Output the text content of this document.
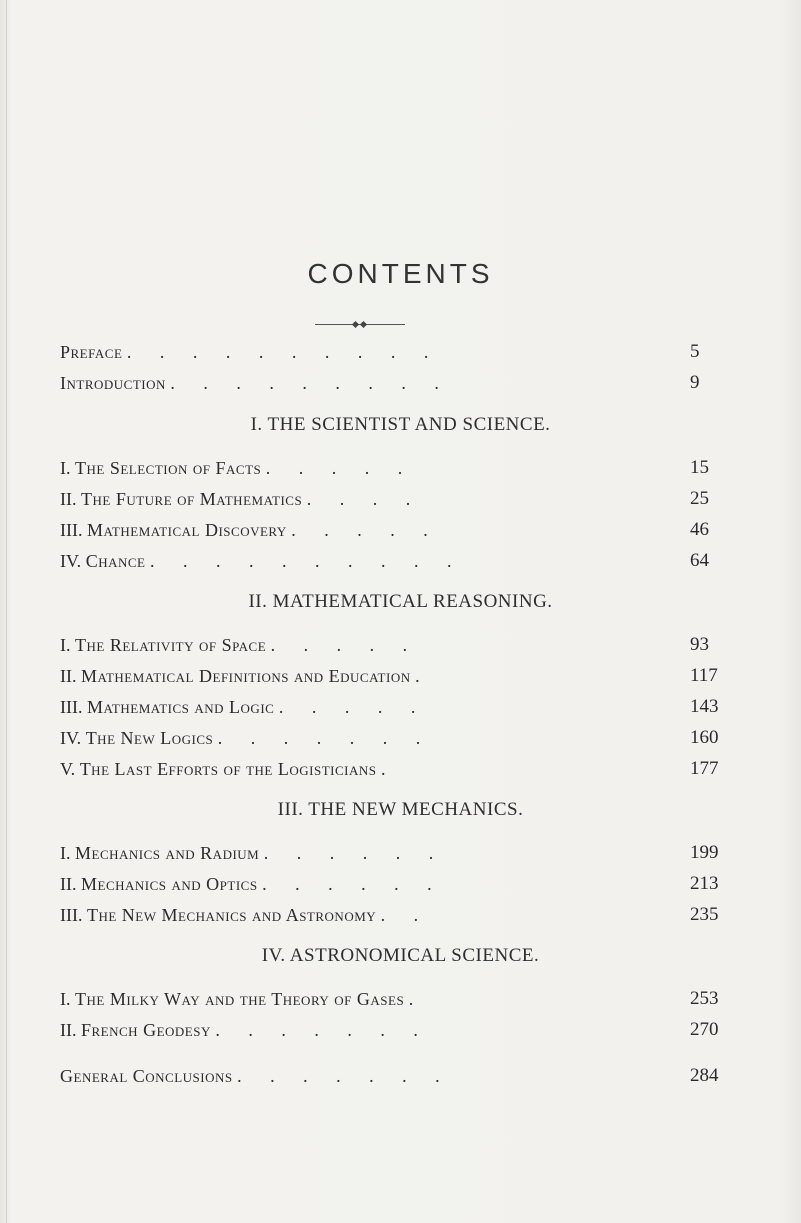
CONTENTS
Preface . . . . . . . . . .	5
Introduction . . . . . . . . .	9
I. THE SCIENTIST AND SCIENCE.
I. The Selection of Facts . . . . .	15
II. The Future of Mathematics . . . .	25
III. Mathematical Discovery . . . . .	46
IV. Chance . . . . . . . . . .	64
II. MATHEMATICAL REASONING.
I. The Relativity of Space . . . . .	93
II. Mathematical Definitions and Education .	117
III. Mathematics and Logic . . . . .	143
IV. The New Logics . . . . . . .	160
V. The Last Efforts of the Logisticians .	177
III. THE NEW MECHANICS.
I. Mechanics and Radium . . . . . .	199
II. Mechanics and Optics . . . . . .	213
III. The New Mechanics and Astronomy . .	235
IV. ASTRONOMICAL SCIENCE.
I. The Milky Way and the Theory of Gases .	253
II. French Geodesy . . . . . . .	270
General Conclusions . . . . . . .	284
